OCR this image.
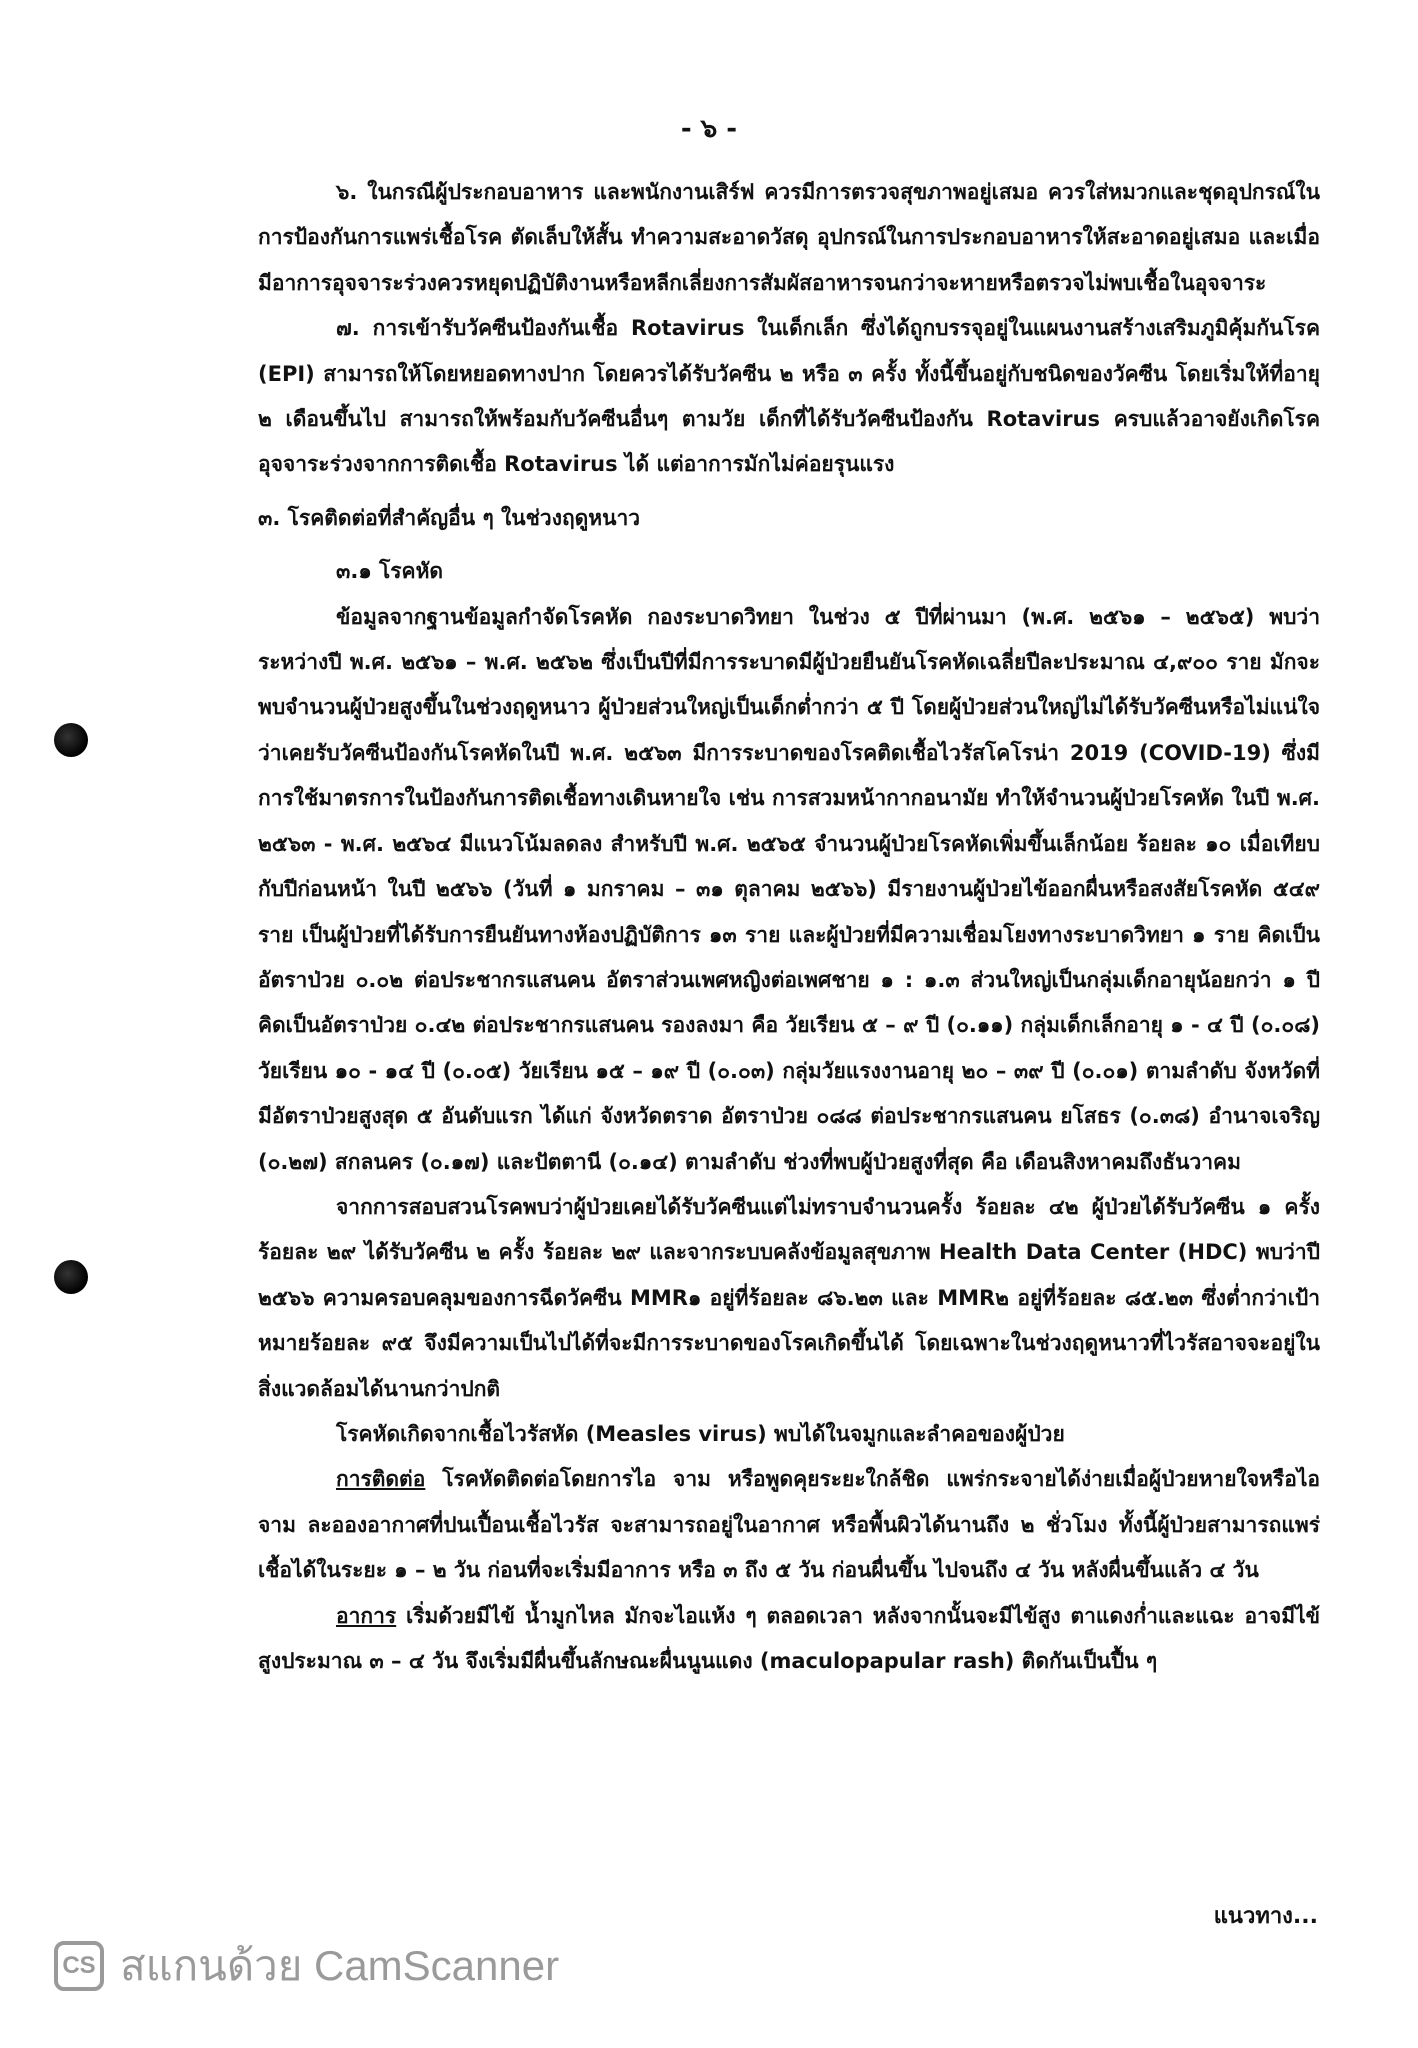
- ๖ -

๖. ในกรณีผู้ประกอบอาหาร และพนักงานเสิร์ฟ ควรมีการตรวจสุขภาพอยู่เสมอ ควรใส่หมวกและชุดอุปกรณ์ในการป้องกันการแพร่เชื้อโรค ตัดเล็บให้สั้น ทำความสะอาดวัสดุ อุปกรณ์ในการประกอบอาหารให้สะอาดอยู่เสมอ และเมื่อมีอาการอุจจาระร่วงควรหยุดปฏิบัติงานหรือหลีกเลี่ยงการสัมผัสอาหารจนกว่าจะหายหรือตรวจไม่พบเชื้อในอุจจาระ

๗. การเข้ารับวัคซีนป้องกันเชื้อ Rotavirus ในเด็กเล็ก ซึ่งได้ถูกบรรจุอยู่ในแผนงานสร้างเสริมภูมิคุ้มกันโรค (EPI) สามารถให้โดยหยอดทางปาก โดยควรได้รับวัคซีน ๒ หรือ ๓ ครั้ง ทั้งนี้ขึ้นอยู่กับชนิดของวัคซีน โดยเริ่มให้ที่อายุ ๒ เดือนขึ้นไป สามารถให้พร้อมกับวัคซีนอื่นๆ ตามวัย เด็กที่ได้รับวัคซีนป้องกัน Rotavirus ครบแล้วอาจยังเกิดโรคอุจจาระร่วงจากการติดเชื้อ Rotavirus ได้ แต่อาการมักไม่ค่อยรุนแรง

๓. โรคติดต่อที่สำคัญอื่น ๆ ในช่วงฤดูหนาว

๓.๑ โรคหัด

ข้อมูลจากฐานข้อมูลกำจัดโรคหัด กองระบาดวิทยา ในช่วง ๕ ปีที่ผ่านมา (พ.ศ. ๒๕๖๑ – ๒๕๖๕) พบว่าระหว่างปี พ.ศ. ๒๕๖๑ – พ.ศ. ๒๕๖๒ ซึ่งเป็นปีที่มีการระบาดมีผู้ป่วยยืนยันโรคหัดเฉลี่ยปีละประมาณ ๔,๙๐๐ ราย มักจะพบจำนวนผู้ป่วยสูงขึ้นในช่วงฤดูหนาว ผู้ป่วยส่วนใหญ่เป็นเด็กต่ำกว่า ๕ ปี โดยผู้ป่วยส่วนใหญ่ไม่ได้รับวัคซีนหรือไม่แน่ใจว่าเคยรับวัคซีนป้องกันโรคหัดในปี พ.ศ. ๒๕๖๓ มีการระบาดของโรคติดเชื้อไวรัสโคโรน่า 2019 (COVID-19) ซึ่งมีการใช้มาตรการในป้องกันการติดเชื้อทางเดินหายใจ เช่น การสวมหน้ากากอนามัย ทำให้จำนวนผู้ป่วยโรคหัด ในปี พ.ศ. ๒๕๖๓ - พ.ศ. ๒๕๖๔ มีแนวโน้มลดลง สำหรับปี พ.ศ. ๒๕๖๕ จำนวนผู้ป่วยโรคหัดเพิ่มขึ้นเล็กน้อย ร้อยละ ๑๐ เมื่อเทียบกับปีก่อนหน้า ในปี ๒๕๖๖ (วันที่ ๑ มกราคม – ๓๑ ตุลาคม ๒๕๖๖) มีรายงานผู้ป่วยไข้ออกผื่นหรือสงสัยโรคหัด ๕๔๙ ราย เป็นผู้ป่วยที่ได้รับการยืนยันทางห้องปฏิบัติการ ๑๓ ราย และผู้ป่วยที่มีความเชื่อมโยงทางระบาดวิทยา ๑ ราย คิดเป็นอัตราป่วย ๐.๐๒ ต่อประชากรแสนคน อัตราส่วนเพศหญิงต่อเพศชาย ๑ : ๑.๓ ส่วนใหญ่เป็นกลุ่มเด็กอายุน้อยกว่า ๑ ปี คิดเป็นอัตราป่วย ๐.๔๒ ต่อประชากรแสนคน รองลงมา คือ วัยเรียน ๕ – ๙ ปี (๐.๑๑) กลุ่มเด็กเล็กอายุ ๑ - ๔ ปี (๐.๐๘) วัยเรียน ๑๐ - ๑๔ ปี (๐.๐๕) วัยเรียน ๑๕ – ๑๙ ปี (๐.๐๓) กลุ่มวัยแรงงานอายุ ๒๐ – ๓๙ ปี (๐.๐๑) ตามลำดับ จังหวัดที่มีอัตราป่วยสูงสุด ๕ อันดับแรก ได้แก่ จังหวัดตราด อัตราป่วย ๐๘๘ ต่อประชากรแสนคน ยโสธร (๐.๓๘) อำนาจเจริญ (๐.๒๗) สกลนคร (๐.๑๗) และปัตตานี (๐.๑๔) ตามลำดับ ช่วงที่พบผู้ป่วยสูงที่สุด คือ เดือนสิงหาคมถึงธันวาคม

จากการสอบสวนโรคพบว่าผู้ป่วยเคยได้รับวัคซีนแต่ไม่ทราบจำนวนครั้ง ร้อยละ ๔๒ ผู้ป่วยได้รับวัคซีน ๑ ครั้ง ร้อยละ ๒๙ ได้รับวัคซีน ๒ ครั้ง ร้อยละ ๒๙ และจากระบบคลังข้อมูลสุขภาพ Health Data Center (HDC) พบว่าปี ๒๕๖๖ ความครอบคลุมของการฉีดวัคซีน MMR๑ อยู่ที่ร้อยละ ๘๖.๒๓ และ MMR๒ อยู่ที่ร้อยละ ๘๕.๒๓ ซึ่งต่ำกว่าเป้าหมายร้อยละ ๙๕ จึงมีความเป็นไปได้ที่จะมีการระบาดของโรคเกิดขึ้นได้ โดยเฉพาะในช่วงฤดูหนาวที่ไวรัสอาจจะอยู่ในสิ่งแวดล้อมได้นานกว่าปกติ

โรคหัดเกิดจากเชื้อไวรัสหัด (Measles virus) พบได้ในจมูกและลำคอของผู้ป่วย

การติดต่อ โรคหัดติดต่อโดยการไอ จาม หรือพูดคุยระยะใกล้ชิด แพร่กระจายได้ง่ายเมื่อผู้ป่วยหายใจหรือไอ จาม ละอองอากาศที่ปนเปื้อนเชื้อไวรัส จะสามารถอยู่ในอากาศ หรือพื้นผิวได้นานถึง ๒ ชั่วโมง ทั้งนี้ผู้ป่วยสามารถแพร่เชื้อได้ในระยะ ๑ – ๒ วัน ก่อนที่จะเริ่มมีอาการ หรือ ๓ ถึง ๕ วัน ก่อนผื่นขึ้น ไปจนถึง ๔ วัน หลังผื่นขึ้นแล้ว ๔ วัน

อาการ เริ่มด้วยมีไข้ น้ำมูกไหล มักจะไอแห้ง ๆ ตลอดเวลา หลังจากนั้นจะมีไข้สูง ตาแดงก่ำและแฉะ อาจมีไข้สูงประมาณ ๓ – ๔ วัน จึงเริ่มมีผื่นขึ้นลักษณะผื่นนูนแดง (maculopapular rash) ติดกันเป็นปื้น ๆ

แนวทาง...
CS สแกนด้วย CamScanner
